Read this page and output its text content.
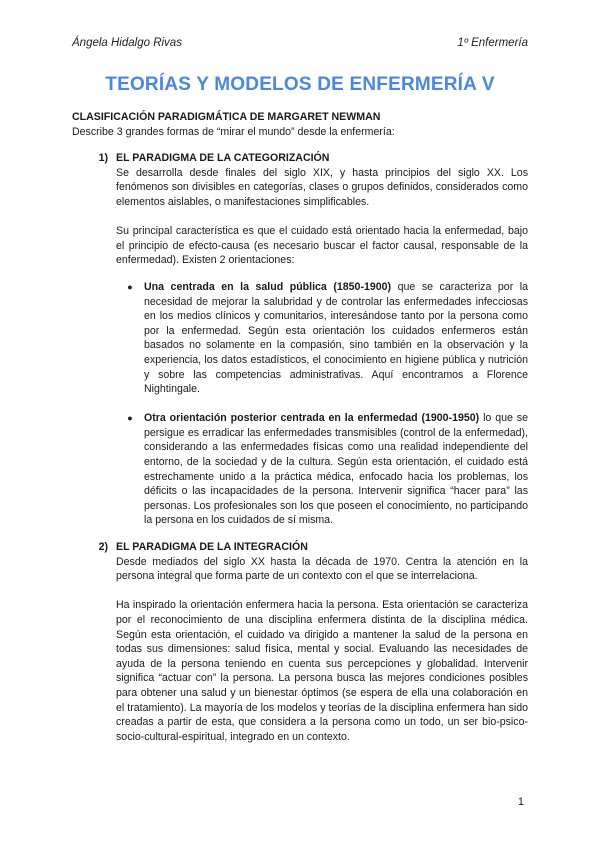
Ángela Hidalgo Rivas	1º Enfermería
TEORÍAS Y MODELOS DE ENFERMERÍA V
CLASIFICACIÓN PARADIGMÁTICA DE MARGARET NEWMAN

Describe 3 grandes formas de “mirar el mundo” desde la enfermería:

1) EL PARADIGMA DE LA CATEGORIZACIÓN

Se desarrolla desde finales del siglo XIX, y hasta principios del siglo XX. Los fenómenos son divisibles en categorías, clases o grupos definidos, considerados como elementos aislables, o manifestaciones simplificables.

Su principal característica es que el cuidado está orientado hacia la enfermedad, bajo el principio de efecto-causa (es necesario buscar el factor causal, responsable de la enfermedad). Existen 2 orientaciones:

●	Una centrada en la salud pública (1850-1900) que se caracteriza por la necesidad de mejorar la salubridad y de controlar las enfermedades infecciosas en los medios clínicos y comunitarios, interesándose tanto por la persona como por la enfermedad. Según esta orientación los cuidados enfermeros están basados no solamente en la compasión, sino también en la observación y la experiencia, los datos estadísticos, el conocimiento en higiene pública y nutrición y sobre las competencias administrativas. Aquí encontramos a Florence Nightingale.
●	Otra orientación posterior centrada en la enfermedad (1900-1950) lo que se persigue es erradicar las enfermedades transmisibles (control de la enfermedad), considerando a las enfermedades físicas como una realidad independiente del entorno, de la sociedad y de la cultura. Según esta orientación, el cuidado está estrechamente unido a la práctica médica, enfocado hacia los problemas, los déficits o las incapacidades de la persona. Intervenir significa “hacer para” las personas. Los profesionales son los que poseen el conocimiento, no participando la persona en los cuidados de sí misma.
2) EL PARADIGMA DE LA INTEGRACIÓN

Desde mediados del siglo XX hasta la década de 1970. Centra la atención en la persona integral que forma parte de un contexto con el que se interrelaciona.

Ha inspirado la orientación enfermera hacia la persona. Esta orientación se caracteriza por el reconocimiento de una disciplina enfermera distinta de la disciplina médica. Según esta orientación, el cuidado va dirigido a mantener la salud de la persona en todas sus dimensiones: salud física, mental y social. Evaluando las necesidades de ayuda de la persona teniendo en cuenta sus percepciones y globalidad. Intervenir significa “actuar con” la persona. La persona busca las mejores condiciones posibles para obtener una salud y un bienestar óptimos (se espera de ella una colaboración en el tratamiento). La mayoría de los modelos y teorías de la disciplina enfermera han sido creadas a partir de esta, que considera a la persona como un todo, un ser bio-psico-socio-cultural-espiritual, integrado en un contexto.

1
